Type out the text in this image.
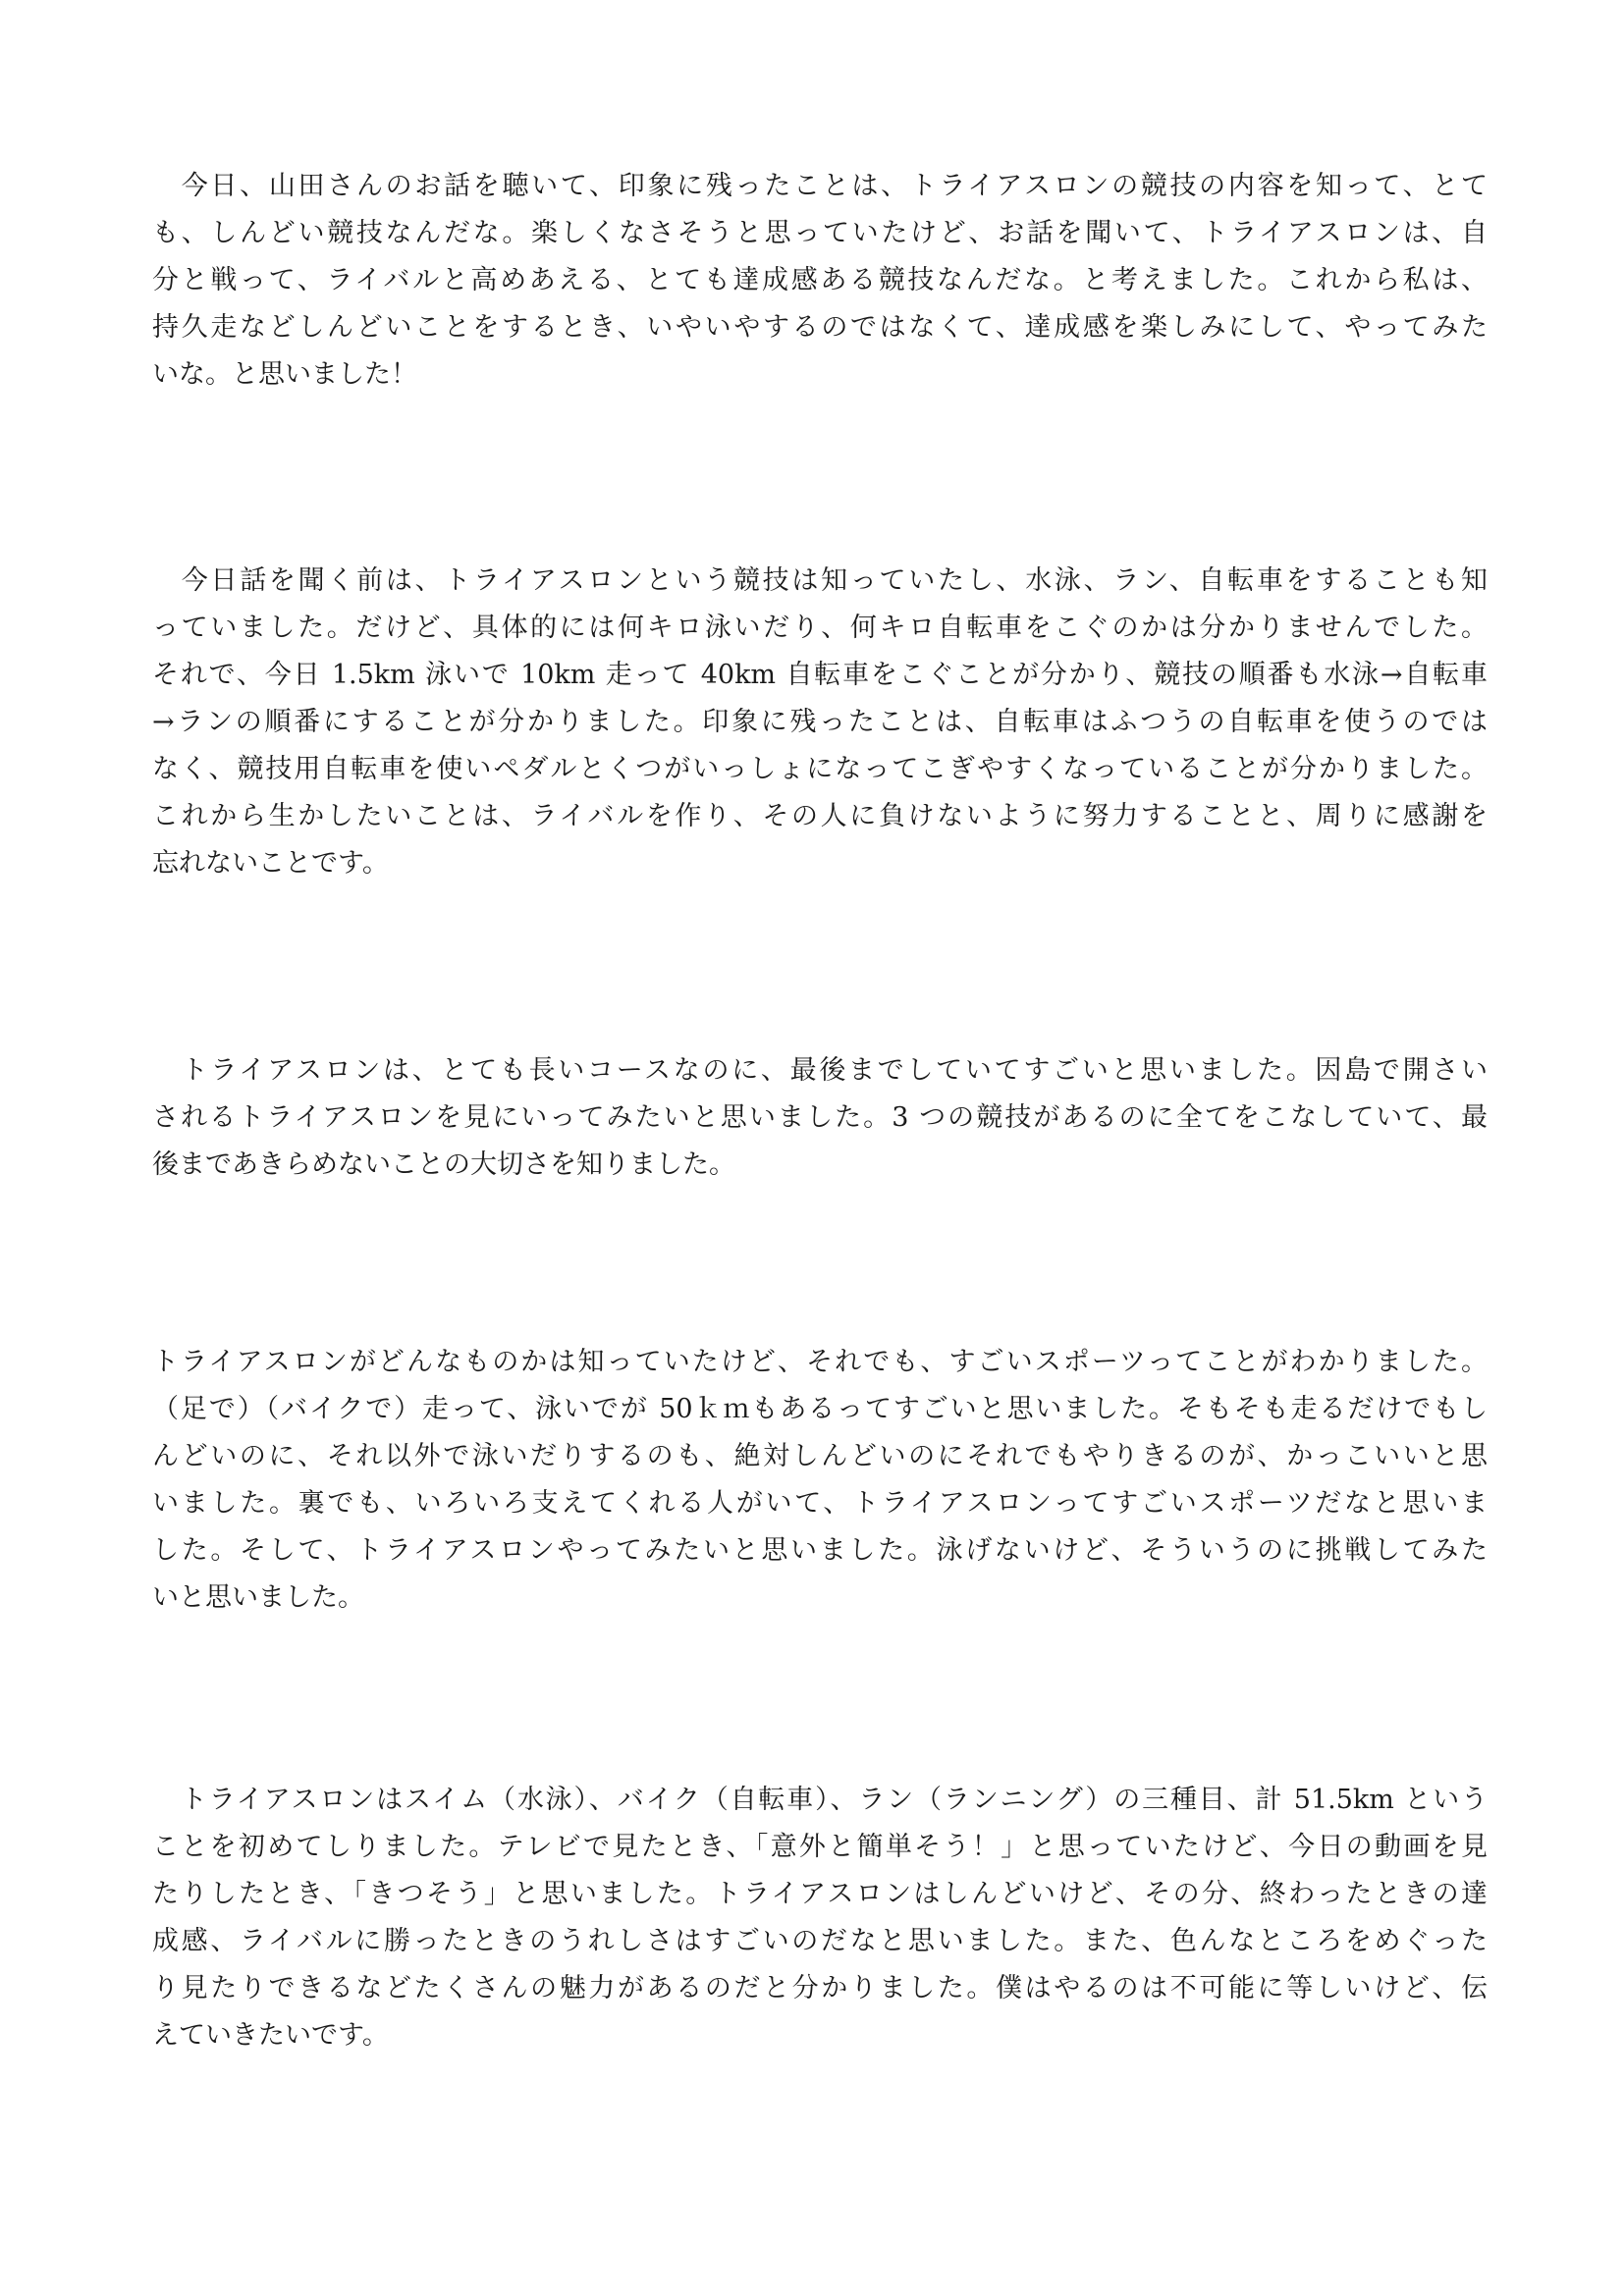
　今日、山田さんのお話を聴いて、印象に残ったことは、トライアスロンの競技の内容を知って、とて
も、しんどい競技なんだな。楽しくなさそうと思っていたけど、お話を聞いて、トライアスロンは、自
分と戦って、ライバルと高めあえる、とても達成感ある競技なんだな。と考えました。これから私は、
持久走などしんどいことをするとき、いやいやするのではなくて、達成感を楽しみにして、やってみた
いな。と思いました！
　今日話を聞く前は、トライアスロンという競技は知っていたし、水泳、ラン、自転車をすることも知
っていました。だけど、具体的には何キロ泳いだり、何キロ自転車をこぐのかは分かりませんでした。
それで、今日 1.5km 泳いで 10km 走って 40km 自転車をこぐことが分かり、競技の順番も水泳→自転車
→ランの順番にすることが分かりました。印象に残ったことは、自転車はふつうの自転車を使うのでは
なく、競技用自転車を使いペダルとくつがいっしょになってこぎやすくなっていることが分かりました。
これから生かしたいことは、ライバルを作り、その人に負けないように努力することと、周りに感謝を
忘れないことです。
　トライアスロンは、とても長いコースなのに、最後までしていてすごいと思いました。因島で開さい
されるトライアスロンを見にいってみたいと思いました。3 つの競技があるのに全てをこなしていて、最
後まであきらめないことの大切さを知りました。
トライアスロンがどんなものかは知っていたけど、それでも、すごいスポーツってことがわかりました。
（足で）（バイクで）走って、泳いでが 50ｋｍもあるってすごいと思いました。そもそも走るだけでもし
んどいのに、それ以外で泳いだりするのも、絶対しんどいのにそれでもやりきるのが、かっこいいと思
いました。裏でも、いろいろ支えてくれる人がいて、トライアスロンってすごいスポーツだなと思いま
した。そして、トライアスロンやってみたいと思いました。泳げないけど、そういうのに挑戦してみた
いと思いました。
　トライアスロンはスイム（水泳）、バイク（自転車）、ラン（ランニング）の三種目、計 51.5km という
ことを初めてしりました。テレビで見たとき、「意外と簡単そう！」と思っていたけど、今日の動画を見
たりしたとき、「きつそう」と思いました。トライアスロンはしんどいけど、その分、終わったときの達
成感、ライバルに勝ったときのうれしさはすごいのだなと思いました。また、色んなところをめぐった
り見たりできるなどたくさんの魅力があるのだと分かりました。僕はやるのは不可能に等しいけど、伝
えていきたいです。
